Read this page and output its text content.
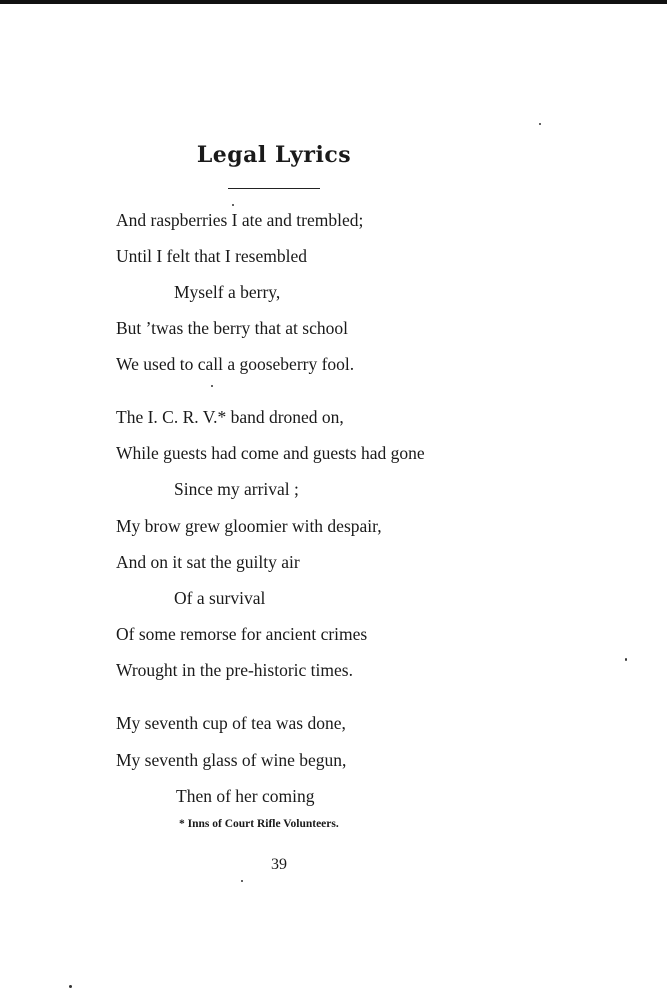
Legal Lyrics
And raspberries I ate and trembled;
Until I felt that I resembled
Myself a berry,
But ’twas the berry that at school
We used to call a gooseberry fool.
The I. C. R. V.* band droned on,
While guests had come and guests had gone
Since my arrival ;
My brow grew gloomier with despair,
And on it sat the guilty air
Of a survival
Of some remorse for ancient crimes
Wrought in the pre-historic times.
My seventh cup of tea was done,
My seventh glass of wine begun,
Then of her coming
* Inns of Court Rifle Volunteers.
39
